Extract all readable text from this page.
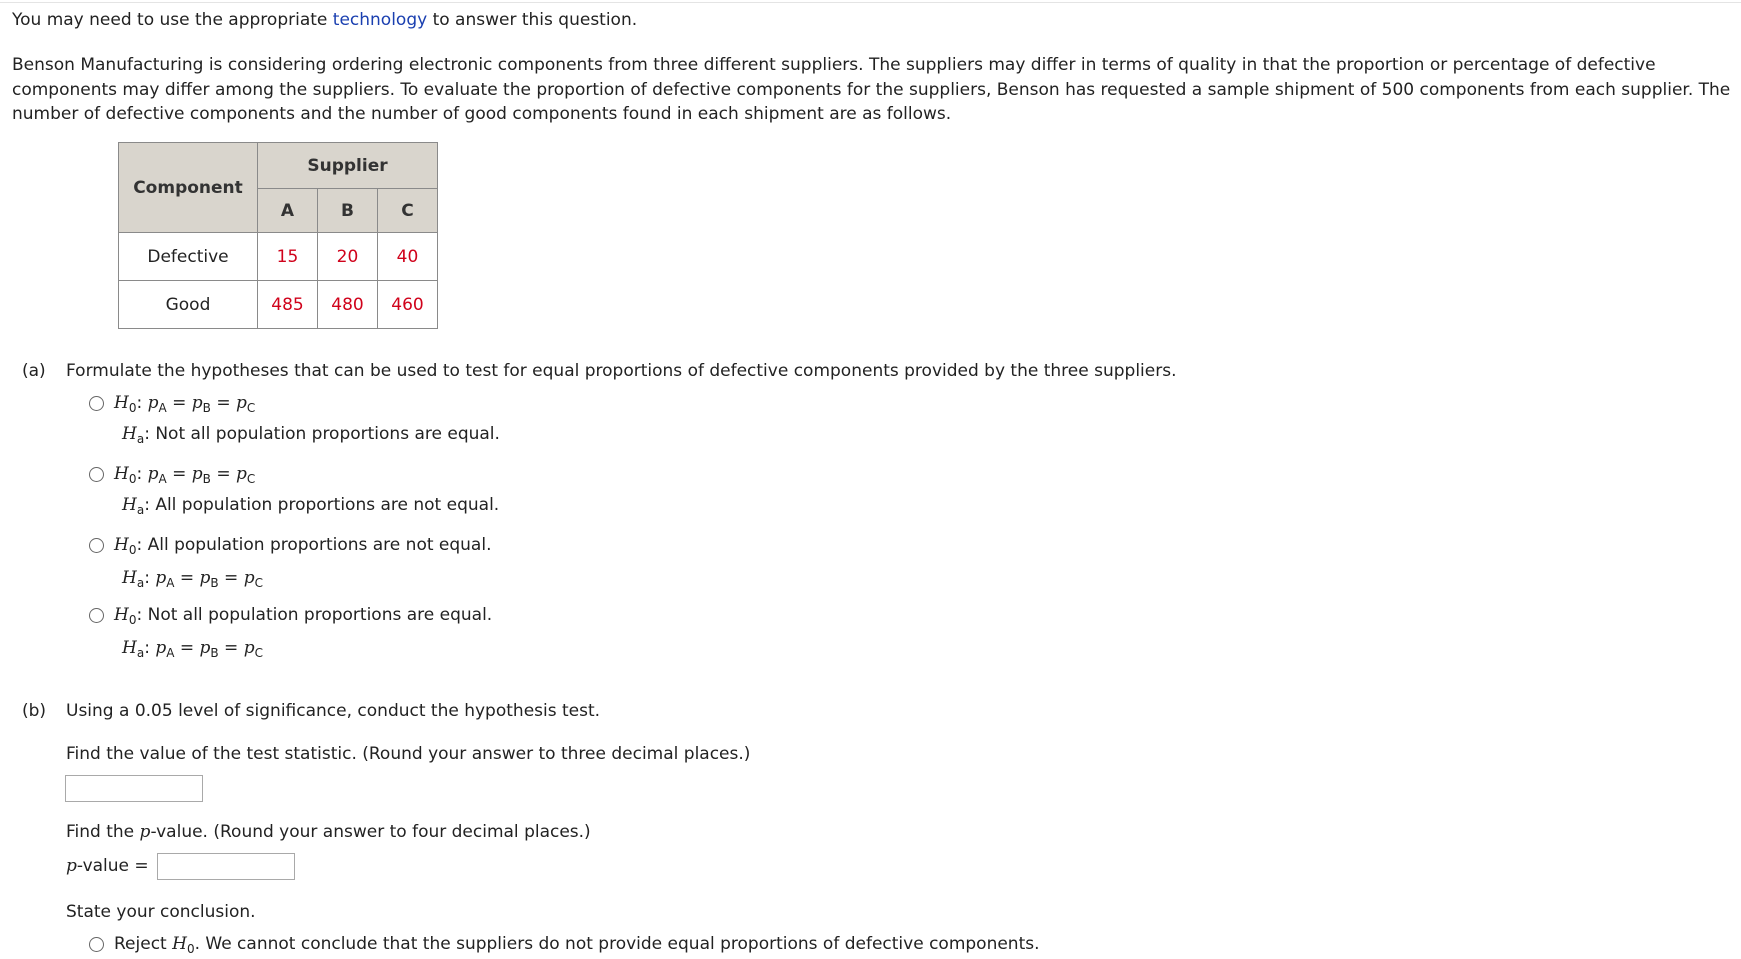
You may need to use the appropriate technology to answer this question.
Benson Manufacturing is considering ordering electronic components from three different suppliers. The suppliers may differ in terms of quality in that the proportion or percentage of defective components may differ among the suppliers. To evaluate the proportion of defective components for the suppliers, Benson has requested a sample shipment of 500 components from each supplier. The number of defective components and the number of good components found in each shipment are as follows.
Component	Supplier		
	A	B	C
Defective	15	20	40
Good	485	480	460
(a) Formulate the hypotheses that can be used to test for equal proportions of defective components provided by the three suppliers.
$H_0$: $p_A = p_B = p_C$
$H_a$: Not all population proportions are equal.
$H_0$: $p_A = p_B = p_C$
$H_a$: All population proportions are not equal.
$H_0$: All population proportions are not equal.
$H_a$: $p_A = p_B = p_C$
$H_0$: Not all population proportions are equal.
$H_a$: $p_A = p_B = p_C$
(b) Using a 0.05 level of significance, conduct the hypothesis test.
Find the value of the test statistic. (Round your answer to three decimal places.)
Find the p-value. (Round your answer to four decimal places.)
p-value =
State your conclusion.
Reject $H_0$. We cannot conclude that the suppliers do not provide equal proportions of defective components.
